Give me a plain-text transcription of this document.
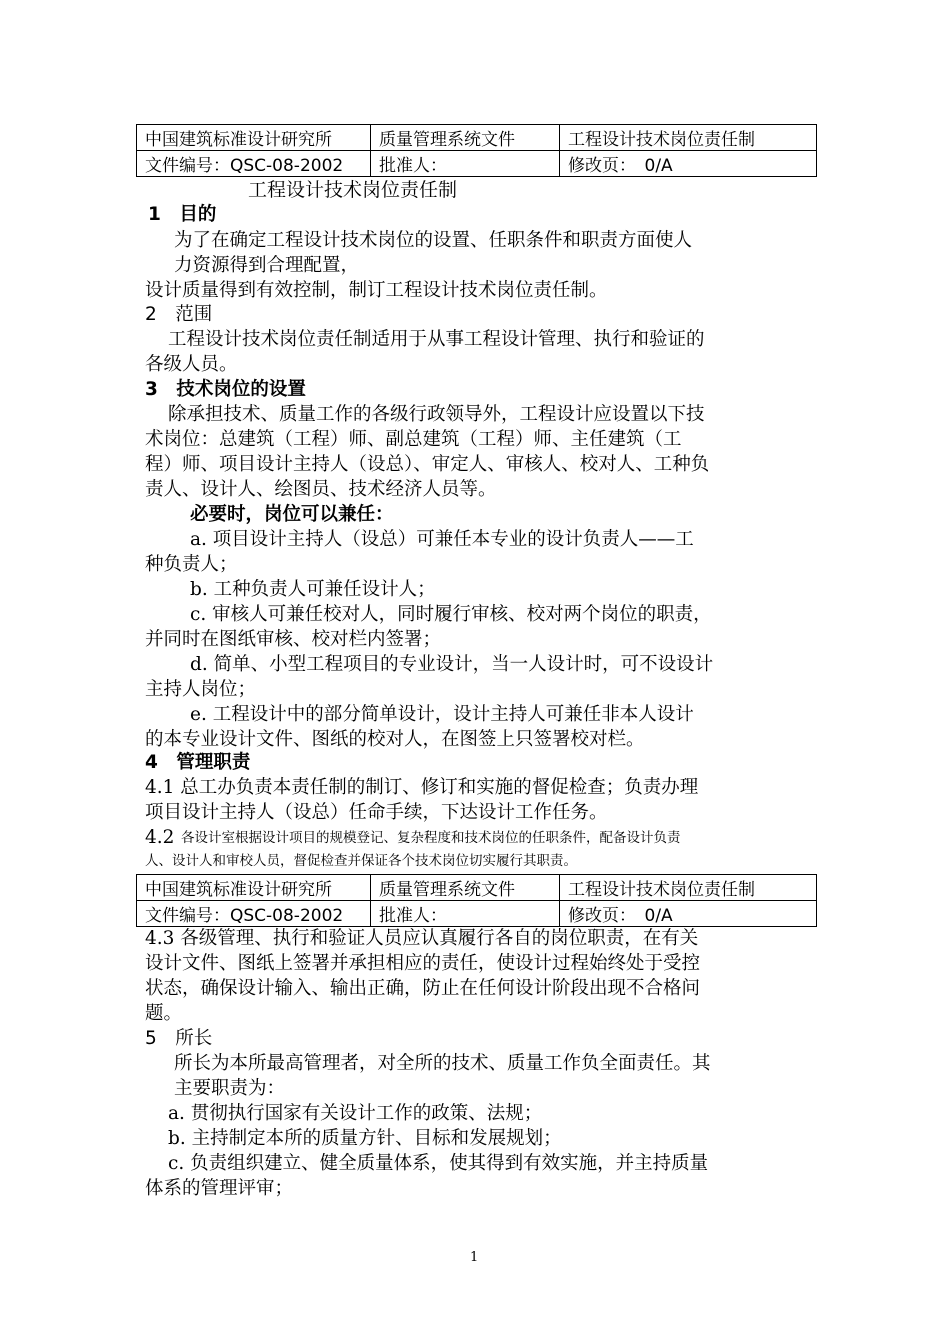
中国建筑标准设计研究所	质量管理系统文件	工程设计技术岗位责任制
文件编号：QSC-08-2002	批准人：	修改页：　0/A
工程设计技术岗位责任制
1　目的
为了在确定工程设计技术岗位的设置、任职条件和职责方面使人
力资源得到合理配置，
设计质量得到有效控制，制订工程设计技术岗位责任制。
2　范围
工程设计技术岗位责任制适用于从事工程设计管理、执行和验证的
各级人员。
3　技术岗位的设置
除承担技术、质量工作的各级行政领导外，工程设计应设置以下技
术岗位：总建筑（工程）师、副总建筑（工程）师、主任建筑（工
程）师、项目设计主持人（设总）、审定人、审核人、校对人、工种负
责人、设计人、绘图员、技术经济人员等。
必要时，岗位可以兼任：
a. 项目设计主持人（设总）可兼任本专业的设计负责人——工
种负责人；
b. 工种负责人可兼任设计人；
c. 审核人可兼任校对人，同时履行审核、校对两个岗位的职责，
并同时在图纸审核、校对栏内签署；
d. 简单、小型工程项目的专业设计，当一人设计时，可不设设计
主持人岗位；
e. 工程设计中的部分简单设计，设计主持人可兼任非本人设计
的本专业设计文件、图纸的校对人，在图签上只签署校对栏。
4　管理职责
4.1 总工办负责本责任制的制订、修订和实施的督促检查；负责办理
项目设计主持人（设总）任命手续，下达设计工作任务。
4.2 各设计室根据设计项目的规模登记、复杂程度和技术岗位的任职条件，配备设计负责
人、设计人和审校人员，督促检查并保证各个技术岗位切实履行其职责。
中国建筑标准设计研究所	质量管理系统文件	工程设计技术岗位责任制
文件编号：QSC-08-2002	批准人：	修改页：　0/A
4.3 各级管理、执行和验证人员应认真履行各自的岗位职责，在有关
设计文件、图纸上签署并承担相应的责任，使设计过程始终处于受控
状态，确保设计输入、输出正确，防止在任何设计阶段出现不合格问
题。
5　所长
所长为本所最高管理者，对全所的技术、质量工作负全面责任。其
主要职责为：
a. 贯彻执行国家有关设计工作的政策、法规；
b. 主持制定本所的质量方针、目标和发展规划；
c. 负责组织建立、健全质量体系，使其得到有效实施，并主持质量
体系的管理评审；
1
